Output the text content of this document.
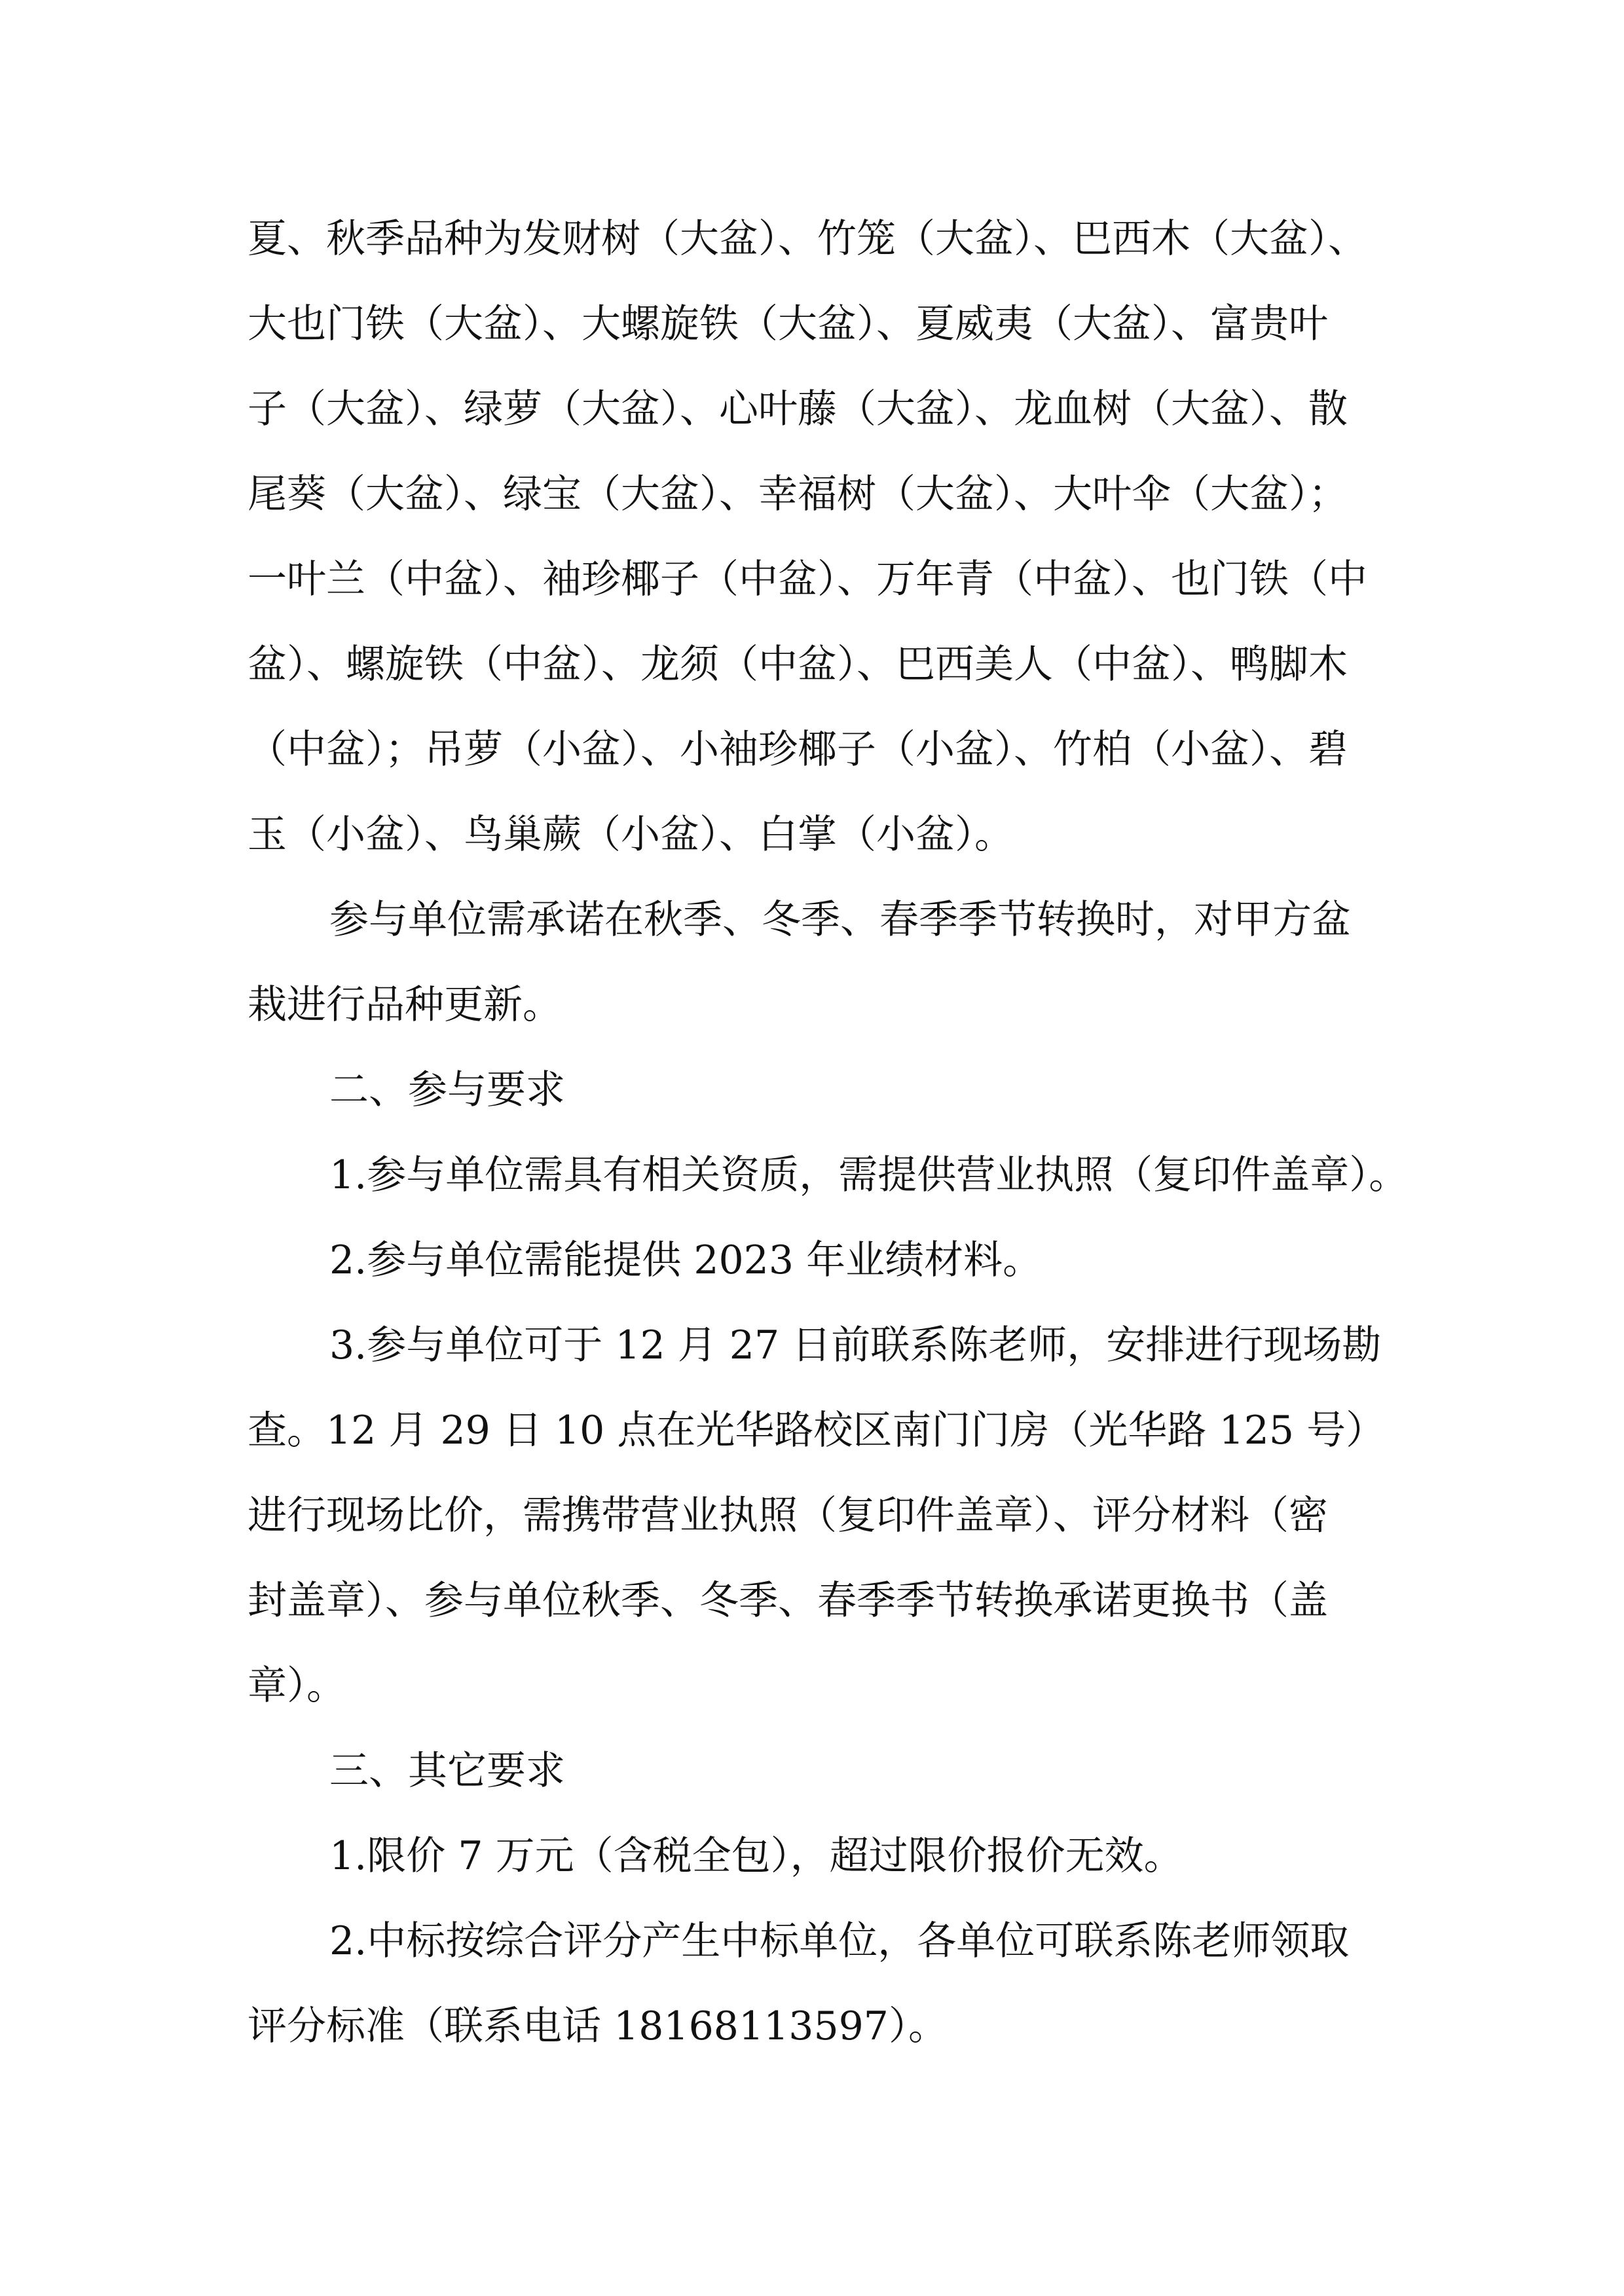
夏、秋季品种为发财树（大盆）、竹笼（大盆）、巴西木（大盆）、
大也门铁（大盆）、大螺旋铁（大盆）、夏威夷（大盆）、富贵叶
子（大盆）、绿萝（大盆）、心叶藤（大盆）、龙血树（大盆）、散
尾葵（大盆）、绿宝（大盆）、幸福树（大盆）、大叶伞（大盆）；
一叶兰（中盆）、袖珍椰子（中盆）、万年青（中盆）、也门铁（中
盆）、螺旋铁（中盆）、龙须（中盆）、巴西美人（中盆）、鸭脚木
（中盆）；吊萝（小盆）、小袖珍椰子（小盆）、竹柏（小盆）、碧
玉（小盆）、鸟巢蕨（小盆）、白掌（小盆）。
参与单位需承诺在秋季、冬季、春季季节转换时，对甲方盆
栽进行品种更新。
二、参与要求
1.参与单位需具有相关资质，需提供营业执照（复印件盖章）。
2.参与单位需能提供 2023 年业绩材料。
3.参与单位可于 12 月 27 日前联系陈老师，安排进行现场勘
查。12 月 29 日 10 点在光华路校区南门门房（光华路 125 号）
进行现场比价，需携带营业执照（复印件盖章）、评分材料（密
封盖章）、参与单位秋季、冬季、春季季节转换承诺更换书（盖
章）。
三、其它要求
1.限价 7 万元（含税全包），超过限价报价无效。
2.中标按综合评分产生中标单位，各单位可联系陈老师领取
评分标准（联系电话 18168113597）。
